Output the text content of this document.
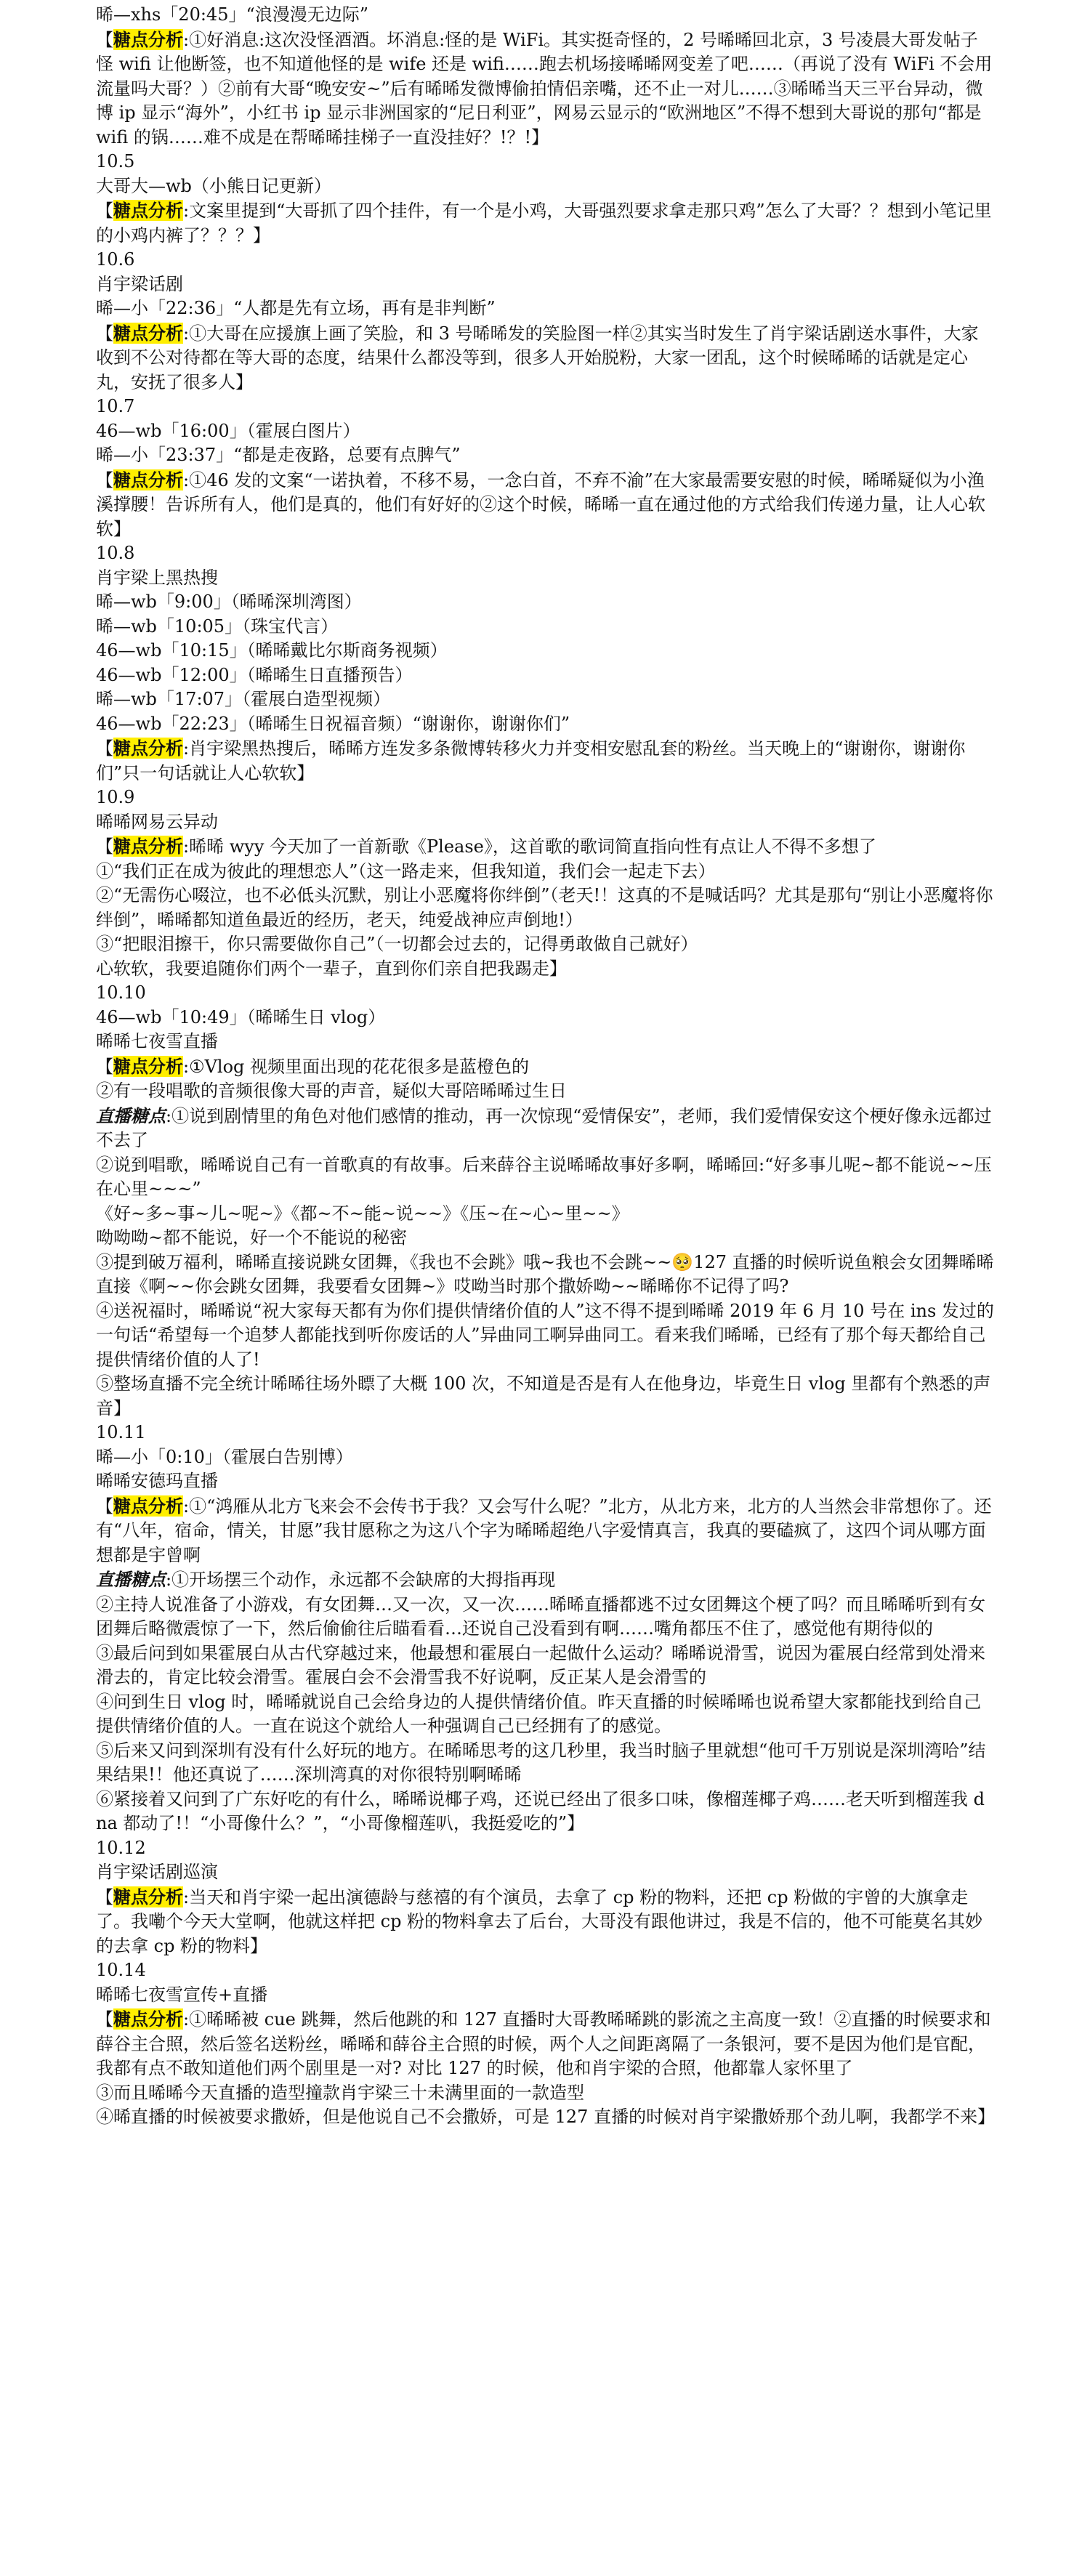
晞—xhs「20:45」“浪漫漫无边际”

【糖点分析:①好消息:这次没怪酒酒。坏消息:怪的是 WiFi。其实挺奇怪的，2 号晞晞回北京，3 号凌晨大哥发帖子怪 wifi 让他断签，也不知道他怪的是 wife 还是 wifi……跑去机场接晞晞网变差了吧……（再说了没有 WiFi 不会用流量吗大哥？）②前有大哥“晚安安~”后有晞晞发微博偷拍情侣亲嘴，还不止一对儿……③晞晞当天三平台异动，微博 ip 显示“海外”，小红书 ip 显示非洲国家的“尼日利亚”，网易云显示的“欧洲地区”不得不想到大哥说的那句“都是 wifi 的锅……难不成是在帮晞晞挂梯子一直没挂好？!？!】

10.5

大哥大—wb（小熊日记更新）

【糖点分析:文案里提到“大哥抓了四个挂件，有一个是小鸡，大哥强烈要求拿走那只鸡”怎么了大哥？？想到小笔记里的小鸡内裤了？？？】

10.6

肖宇梁话剧

晞—小「22:36」“人都是先有立场，再有是非判断”

【糖点分析:①大哥在应援旗上画了笑脸，和 3 号晞晞发的笑脸图一样②其实当时发生了肖宇梁话剧送水事件，大家收到不公对待都在等大哥的态度，结果什么都没等到，很多人开始脱粉，大家一团乱，这个时候晞晞的话就是定心丸，安抚了很多人】

10.7

46—wb「16:00」（霍展白图片）

晞—小「23:37」“都是走夜路，总要有点脾气”

【糖点分析:①46 发的文案“一诺执着，不移不易，一念白首，不弃不渝”在大家最需要安慰的时候，晞晞疑似为小渔溪撑腰！告诉所有人，他们是真的，他们有好好的②这个时候，晞晞一直在通过他的方式给我们传递力量，让人心软软】

10.8

肖宇梁上黑热搜

晞—wb「9:00」（晞晞深圳湾图）

晞—wb「10:05」（珠宝代言）

46—wb「10:15」（晞晞戴比尔斯商务视频）

46—wb「12:00」（晞晞生日直播预告）

晞—wb「17:07」（霍展白造型视频）

46—wb「22:23」（晞晞生日祝福音频）“谢谢你，谢谢你们”

【糖点分析:肖宇梁黑热搜后，晞晞方连发多条微博转移火力并变相安慰乱套的粉丝。当天晚上的“谢谢你，谢谢你们”只一句话就让人心软软】

10.9

晞晞网易云异动

【糖点分析:晞晞 wyy 今天加了一首新歌《Please》，这首歌的歌词简直指向性有点让人不得不多想了

①“我们正在成为彼此的理想恋人”（这一路走来，但我知道，我们会一起走下去）

②“无需伤心啜泣，也不必低头沉默，别让小恶魔将你绊倒”（老天!！这真的不是喊话吗？尤其是那句“别让小恶魔将你绊倒”，晞晞都知道鱼最近的经历，老天，纯爱战神应声倒地!）

③“把眼泪擦干，你只需要做你自己”（一切都会过去的，记得勇敢做自己就好）

心软软，我要追随你们两个一辈子，直到你们亲自把我踢走】

10.10

46—wb「10:49」（晞晞生日 vlog）

晞晞七夜雪直播

【糖点分析:①Vlog 视频里面出现的花花很多是蓝橙色的

②有一段唱歌的音频很像大哥的声音，疑似大哥陪晞晞过生日

直播糖点:①说到剧情里的角色对他们感情的推动，再一次惊现“爱情保安”，老师，我们爱情保安这个梗好像永远都过不去了

②说到唱歌，晞晞说自己有一首歌真的有故事。后来薛谷主说晞晞故事好多啊，晞晞回:“好多事儿呢~都不能说~~压在心里~~~”

《好~多~事~儿~呢~》《都~不~能~说~~》《压~在~心~里~~》

呦呦呦~都不能说，好一个不能说的秘密

③提到破万福利，晞晞直接说跳女团舞，《我也不会跳》哦~我也不会跳~~🥺127 直播的时候听说鱼粮会女团舞晞晞直接《啊~~你会跳女团舞，我要看女团舞~》哎呦当时那个撒娇呦~~晞晞你不记得了吗?

④送祝福时，晞晞说“祝大家每天都有为你们提供情绪价值的人”这不得不提到晞晞 2019 年 6 月 10 号在 ins 发过的一句话“希望每一个追梦人都能找到听你废话的人”异曲同工啊异曲同工。看来我们晞晞，已经有了那个每天都给自己提供情绪价值的人了!

⑤整场直播不完全统计晞晞往场外瞟了大概 100 次，不知道是否是有人在他身边，毕竟生日 vlog 里都有个熟悉的声音】

10.11

晞—小「0:10」（霍展白告别博）

晞晞安德玛直播

【糖点分析:①“鸿雁从北方飞来会不会传书于我？又会写什么呢？”北方，从北方来，北方的人当然会非常想你了。还有“八年，宿命，情关，甘愿”我甘愿称之为这八个字为晞晞超绝八字爱情真言，我真的要磕疯了，这四个词从哪方面想都是宇曾啊

直播糖点:①开场摆三个动作，永远都不会缺席的大拇指再现

②主持人说准备了小游戏，有女团舞…又一次，又一次……晞晞直播都逃不过女团舞这个梗了吗？而且晞晞听到有女团舞后略微震惊了一下，然后偷偷往后瞄看看…还说自己没看到有啊……嘴角都压不住了，感觉他有期待似的

③最后问到如果霍展白从古代穿越过来，他最想和霍展白一起做什么运动？晞晞说滑雪，说因为霍展白经常到处滑来滑去的，肯定比较会滑雪。霍展白会不会滑雪我不好说啊，反正某人是会滑雪的

④问到生日 vlog 时，晞晞就说自己会给身边的人提供情绪价值。昨天直播的时候晞晞也说希望大家都能找到给自己提供情绪价值的人。一直在说这个就给人一种强调自己已经拥有了的感觉。

⑤后来又问到深圳有没有什么好玩的地方。在晞晞思考的这几秒里，我当时脑子里就想“他可千万别说是深圳湾哈”结果结果!！他还真说了……深圳湾真的对你很特别啊晞晞

⑥紧接着又问到了广东好吃的有什么，晞晞说椰子鸡，还说已经出了很多口味，像榴莲椰子鸡……老天听到榴莲我 dna 都动了!！“小哥像什么？”，“小哥像榴莲叭，我挺爱吃的”】

10.12

肖宇梁话剧巡演

【糖点分析:当天和肖宇梁一起出演德龄与慈禧的有个演员，去拿了 cp 粉的物料，还把 cp 粉做的宇曾的大旗拿走了。我嘞个今天大堂啊，他就这样把 cp 粉的物料拿去了后台，大哥没有跟他讲过，我是不信的，他不可能莫名其妙的去拿 cp 粉的物料】

10.14

晞晞七夜雪宣传+直播

【糖点分析:①晞晞被 cue 跳舞，然后他跳的和 127 直播时大哥教晞晞跳的影流之主高度一致！②直播的时候要求和薛谷主合照，然后签名送粉丝，晞晞和薛谷主合照的时候，两个人之间距离隔了一条银河，要不是因为他们是官配，我都有点不敢知道他们两个剧里是一对? 对比 127 的时候，他和肖宇梁的合照，他都靠人家怀里了

③而且晞晞今天直播的造型撞款肖宇梁三十未满里面的一款造型

④晞直播的时候被要求撒娇，但是他说自己不会撒娇，可是 127 直播的时候对肖宇梁撒娇那个劲儿啊，我都学不来】
